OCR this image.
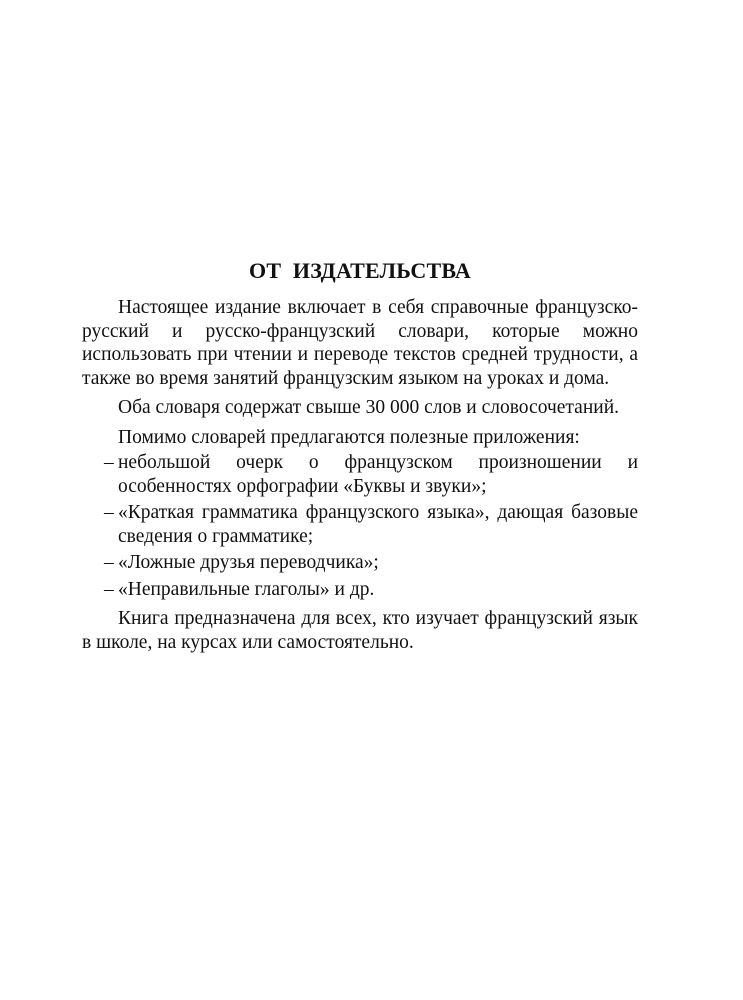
ОТ ИЗДАТЕЛЬСТВА

Настоящее издание включает в себя справочные французско-русский и русско-французский словари, которые можно использовать при чтении и переводе текстов средней трудности, а также во время занятий французским языком на уроках и дома.

Оба словаря содержат свыше 30 000 слов и словосочетаний.

Помимо словарей предлагаются полезные приложения:

– небольшой очерк о французском произношении и особенностях орфографии «Буквы и звуки»;
– «Краткая грамматика французского языка», дающая базовые сведения о грамматике;
– «Ложные друзья переводчика»;
– «Неправильные глаголы» и др.

Книга предназначена для всех, кто изучает французский язык в школе, на курсах или самостоятельно.
